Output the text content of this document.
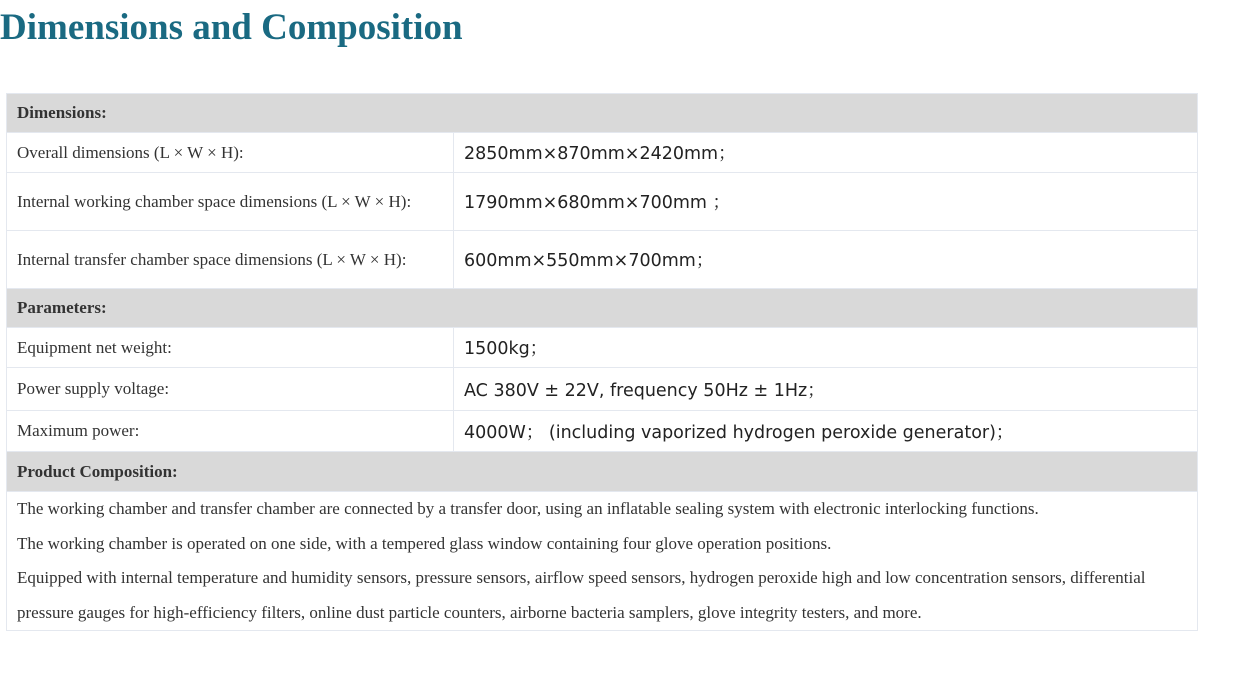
Dimensions and Composition
Dimensions:	
Overall dimensions (L × W × H):	2850mm×870mm×2420mm；
Internal working chamber space dimensions (L × W × H):	1790mm×680mm×700mm ；
Internal transfer chamber space dimensions (L × W × H):	600mm×550mm×700mm；
Parameters:	
Equipment net weight:	1500kg；
Power supply voltage:	AC 380V ± 22V, frequency 50Hz ± 1Hz；
Maximum power:	4000W； (including vaporized hydrogen peroxide generator)；
Product Composition:	

The working chamber and transfer chamber are connected by a transfer door, using an inflatable sealing system with electronic interlocking functions.

The working chamber is operated on one side, with a tempered glass window containing four glove operation positions.

Equipped with internal temperature and humidity sensors, pressure sensors, airflow speed sensors, hydrogen peroxide high and low concentration sensors, differential pressure gauges for high-efficiency filters, online dust particle counters, airborne bacteria samplers, glove integrity testers, and more.	
